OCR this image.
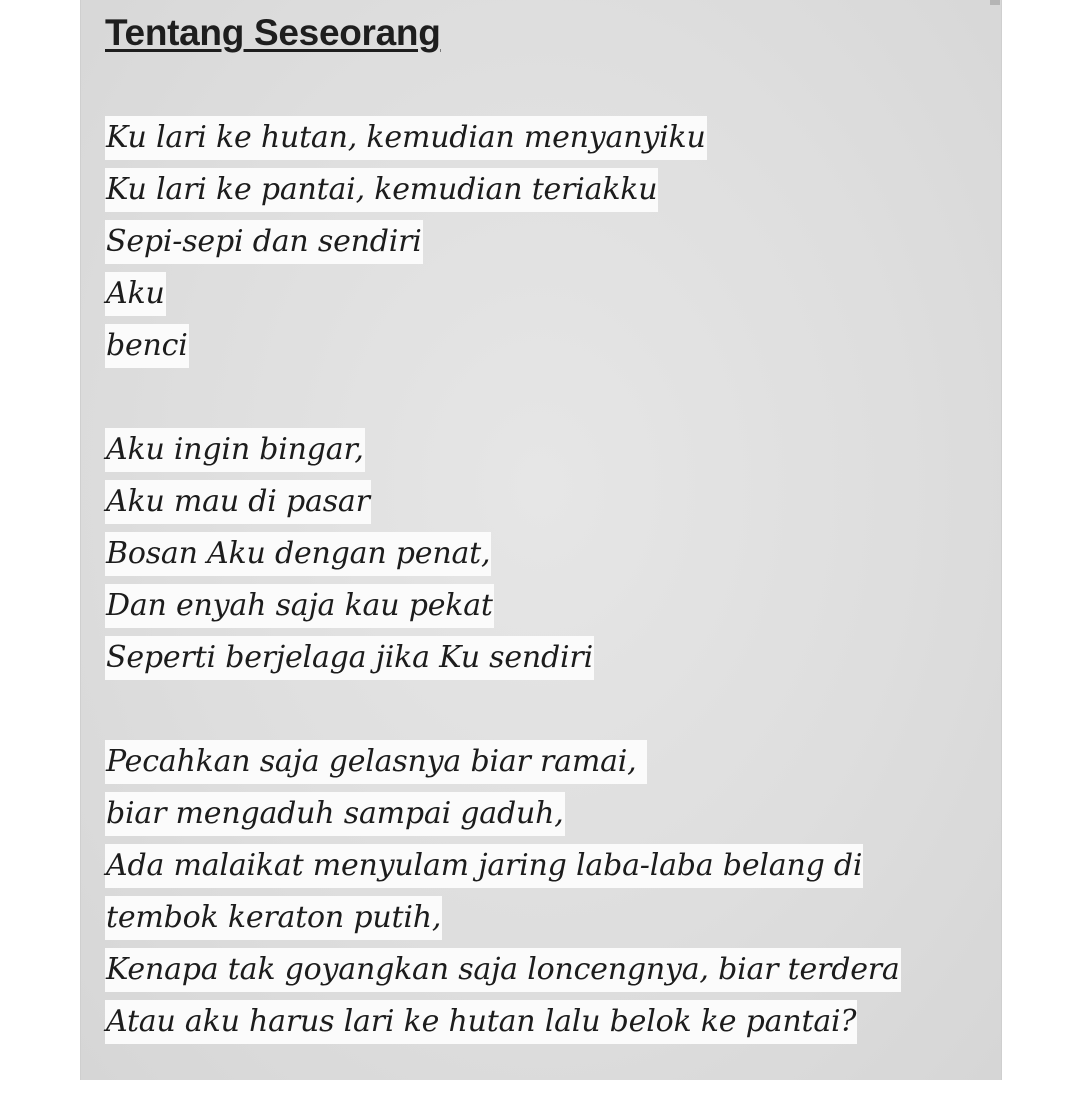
Tentang Seseorang
Ku lari ke hutan, kemudian menyanyiku
Ku lari ke pantai, kemudian teriakku
Sepi-sepi dan sendiri
Aku
benci
Aku ingin bingar,
Aku mau di pasar
Bosan Aku dengan penat,
Dan enyah saja kau pekat
Seperti berjelaga jika Ku sendiri
Pecahkan saja gelasnya biar ramai,
biar mengaduh sampai gaduh,
Ada malaikat menyulam jaring laba-laba belang di
tembok keraton putih,
Kenapa tak goyangkan saja loncengnya, biar terdera
Atau aku harus lari ke hutan lalu belok ke pantai?
